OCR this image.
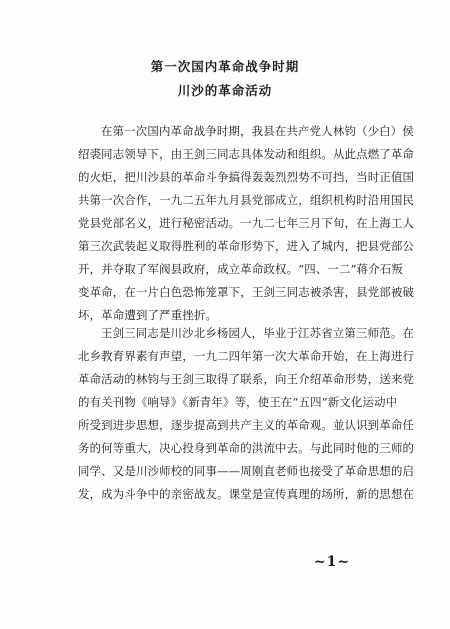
第一次国内革命战争时期
川沙的革命活动
在第一次国内革命战争时期，我县在共产党人林钧（少白）侯
绍裘同志领导下，由王剑三同志具体发动和组织。从此点燃了革命
的火炬，把川沙县的革命斗争搞得轰轰烈烈势不可挡，当时正值国
共第一次合作，一九二五年九月县党部成立，组织机构时沿用国民
党县党部名义，进行秘密活动。一九二七年三月下旬，在上海工人
第三次武装起义取得胜利的革命形势下，进入了城内，把县党部公
开，并夺取了军阀县政府，成立革命政权。“四、一二”蒋介石叛
变革命，在一片白色恐怖笼罩下，王剑三同志被杀害，县党部被破
坏，革命遭到了严重挫折。
王剑三同志是川沙北乡杨园人，毕业于江苏省立第三师范。在
北乡教育界素有声望，一九二四年第一次大革命开始，在上海进行
革命活动的林钧与王剑三取得了联系，向王介绍革命形势，送来党
的有关刊物《响导》《新青年》等，使王在“五四”新文化运动中
所受到进步思想，逐步提高到共产主义的革命观。並认识到革命任
务的何等重大，决心投身到革命的洪流中去。与此同时他的三师的
同学、又是川沙师校的同事——周刚直老师也接受了革命思想的启
发，成为斗争中的亲密战友。课堂是宣传真理的场所，新的思想在
~1~
